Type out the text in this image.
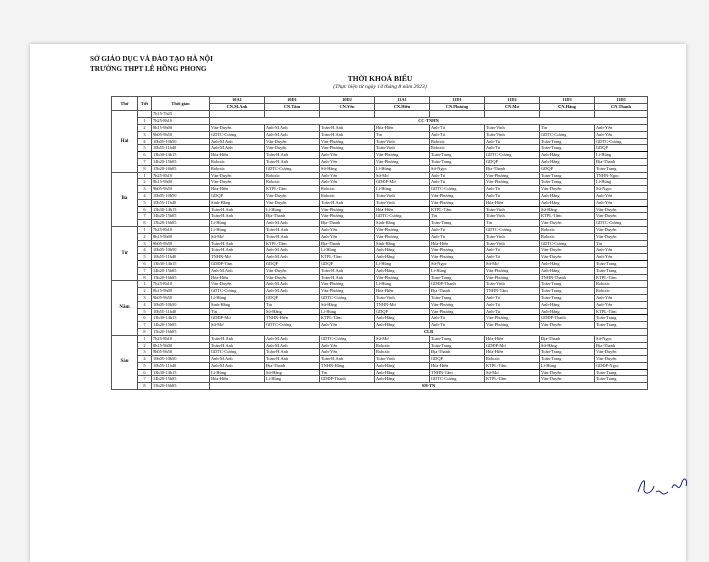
SỞ GIÁO DỤC VÀ ĐÀO TẠO HÀ NỘI
TRƯỜNG THPT LÊ HỒNG PHONG
THỜI KHOÁ BIỂU
(Thực hiện từ ngày 14 tháng 8 năm 2023)
Thứ	Tiết	Thời gian	10A1	10D1	10D2	11A1	11D1	11D2	11D3	11D5
			CN.M.Anh	CN.Tâm	CN.Yến	CN.Hiền	CN.Phương	CN.Mơ	CN.Hằng	CN.Thanh
Hai		7h15-7h25								
	1	7h25-8h10	CC-TNHN							
	2	8h15-9h00	Văn-Duyên	Anh-M.Anh	Toán-H.Anh	Hóa-Hiền	Anh-Tú	Toán-Vinh	Tin	Anh-Yến
	3	9h05-9h50	GDTC-Cương	Anh-M.Anh	Toán-H.Anh	Tin	Anh-Tú	Toán-Vinh	GDTC-Cương	Anh-Yến
	4	10h05-10h50	Anh-M.Anh	Văn-Duyên	Văn-Phương	Toán-Vinh	Robotic	Anh-Tú	Toán-Trang	GDTC-Cương
	5	10h55-11h40	Anh-M.Anh	Văn-Duyên	Văn-Phương	Toán-Vinh	Robotic	Anh-Tú	Toán-Trang	GDQP
	6	13h30-14h15	Hóa-Hiền	Toán-H.Anh	Anh-Yến	Văn-Phương	Toán-Trang	GDTC-Cương	Anh-Hằng	Lí-Hùng
	7	14h20-15h05	Robotic	Toán-H.Anh	Anh-Yến	Văn-Phương	Toán-Trang	GDQP	Anh-Hằng	Địa-Thanh
	8	15h20-16h05	Robotic	GDTC-Cương	Sử-Hằng	Lí-Hùng	Sử-Ngọc	Địa-Thanh	GDQP	Toán-Trang
Ba	1	7h25-8h10	Văn-Duyên	Robotic	Anh-Yến	Sử-Mơ	Anh-Tú	Văn-Phương	Toán-Trang	TNHN-Ngọc
	2	8h15-9h00	Văn-Duyên	Robotic	Anh-Yến	GDĐP-Mơ	Anh-Tú	Văn-Phương	Toán-Trang	Lí-Hùng
	3	9h05-9h50	Hóa-Hiền	KTPL-Tâm	Robotic	Lí-Hùng	GDTC-Cương	Anh-Tú	Văn-Duyên	Sử-Ngọc
	4	10h05-10h50	GDQP	Văn-Duyên	Robotic	Toán-Vinh	Văn-Phương	Anh-Tú	Anh-Hằng	Anh-Yến
	5	10h55-11h40	Sinh-Hằng	Văn-Duyên	Toán-H.Anh	Toán-Vinh	Văn-Phương	Hóa-Hiền	Anh-Hằng	Anh-Yến
	6	13h30-14h15	Toán-H.Anh	Lí-Hùng	Văn-Phương	Hóa-Hiền	KTPL-Tâm	Toán-Vinh	Sử-Hằng	Văn-Duyên
	7	14h20-15h05	Toán-H.Anh	Địa-Thanh	Văn-Phương	GDTC-Cương	Tin	Toán-Vinh	KTPL-Tâm	Văn-Duyên
	8	15h20-16h05	Lí-Hùng	Anh-M.Anh	Địa-Thanh	Sinh-Hằng	Toán-Trang	Tin	Văn-Duyên	GDTC-Cương
Tư	1	7h25-8h10	Lí-Hùng	Toán-H.Anh	Anh-Yến	Văn-Phương	Anh-Tú	GDTC-Cương	Robotic	Văn-Duyên
	2	8h15-9h00	Sử-Mơ	Toán-H.Anh	Anh-Yến	Văn-Phương	Anh-Tú	Toán-Vinh	Robotic	Văn-Duyên
	3	9h05-9h50	Toán-H.Anh	KTPL-Tâm	Địa-Thanh	Sinh-Hằng	Hóa-Hiền	Toán-Vinh	GDTC-Cương	Tin
	4	10h05-10h50	Toán-H.Anh	Anh-M.Anh	Lí-Hùng	Anh-Hằng	Văn-Phương	Anh-Tú	Văn-Duyên	Anh-Yến
	5	10h55-11h40	TNHN-Mơ	Anh-M.Anh	KTPL-Tâm	Anh-Hằng	Văn-Phương	Anh-Tú	Văn-Duyên	Anh-Yến
	6	13h30-14h15	GDĐP-Tâm	GDQP	GDQP	Lí-Hùng	Sử-Ngọc	Sử-Mơ	Anh-Hằng	Toán-Trang
	7	14h20-15h05	Anh-M.Anh	Văn-Duyên	Toán-H.Anh	Anh-Hằng	Lí-Hùng	Văn-Phương	Anh-Hằng	Toán-Trang
	8	15h20-16h05	Hóa-Hiền	Văn-Duyên	Toán-H.Anh	Văn-Phương	Toán-Trang	Văn-Phương	TNHN-Thanh	KTPL-Tâm
Năm	1	7h25-8h10	Văn-Duyên	Anh-M.Anh	Văn-Phương	Lí-Hùng	GDĐP-Thanh	Toán-Vinh	Toán-Trang	Robotic
	2	8h15-9h00	GDTC-Cương	Anh-M.Anh	Văn-Phương	Hóa-Hiền	Địa-Thanh	TNHN-Tâm	Toán-Trang	Robotic
	3	9h05-9h50	Lí-Hùng	GDQP	GDTC-Cương	Toán-Vinh	Toán-Trang	Anh-Tú	Toán-Trang	Anh-Yến
	4	10h05-10h50	Sinh-Hằng	Tin	Sử-Hằng	TNHN-Mơ	Văn-Phương	Anh-Tú	Anh-Hằng	Anh-Yến
	5	10h55-11h40	Tin	Sử-Hằng	Lí-Hùng	GDQP	Văn-Phương	Anh-Tú	Anh-Hằng	KTPL-Tâm
	6	13h30-14h15	GDĐP-Mơ	TNHN-Hiền	KTPL-Tâm	Anh-Hằng	Anh-Tú	Văn-Phương	GDĐP-Thanh	Toán-Trang
	7	14h20-15h05	Sử-Mơ	GDTC-Cương	Anh-Yến	Anh-Hằng	Anh-Tú	Văn-Phương	Văn-Duyên	Toán-Trang
	8	15h20-16h05	CLB							
Sáu	1	7h25-8h10	Toán-H.Anh	Anh-M.Anh	GDTC-Cương	Sử-Mơ	Toán-Trang	Hóa-Hiền	Địa-Thanh	Sử-Ngọc
	2	8h15-9h00	Toán-H.Anh	Anh-M.Anh	Anh-Yến	Robotic	Toán-Trang	GDĐP-Mơ	Sử-Hằng	Địa-Thanh
	3	9h05-9h50	GDTC-Cương	Toán-H.Anh	Anh-Yến	Robotic	Địa-Thanh	Hóa-Hiền	Toán-Trang	Văn-Duyên
	4	10h05-10h50	Anh-M.Anh	Toán-H.Anh	Toán-H.Anh	Toán-Vinh	GDQP	Robotic	Toán-Trang	Văn-Duyên
	5	10h55-11h40	Anh-M.Anh	Địa-Thanh	TNHN-Hằng	Anh-Hằng	Hóa-Hiền	KTPL-Tâm	Lí-Hùng	GDĐP-Ngọc
	6	13h30-14h15	Lí-Hùng	Sử-Hằng	Tin	Anh-Hằng	TNHN-Tâm	Sử-Mơ	Văn-Duyên	Toán-Trang
	7	14h20-15h05	Hóa-Hiền	Lí-Hùng	GDĐP-Thanh	Anh-Hằng	GDTC-Cương	KTPL-Tâm	Văn-Duyên	Toán-Trang
	8	15h20-16h05	SH-TN							
